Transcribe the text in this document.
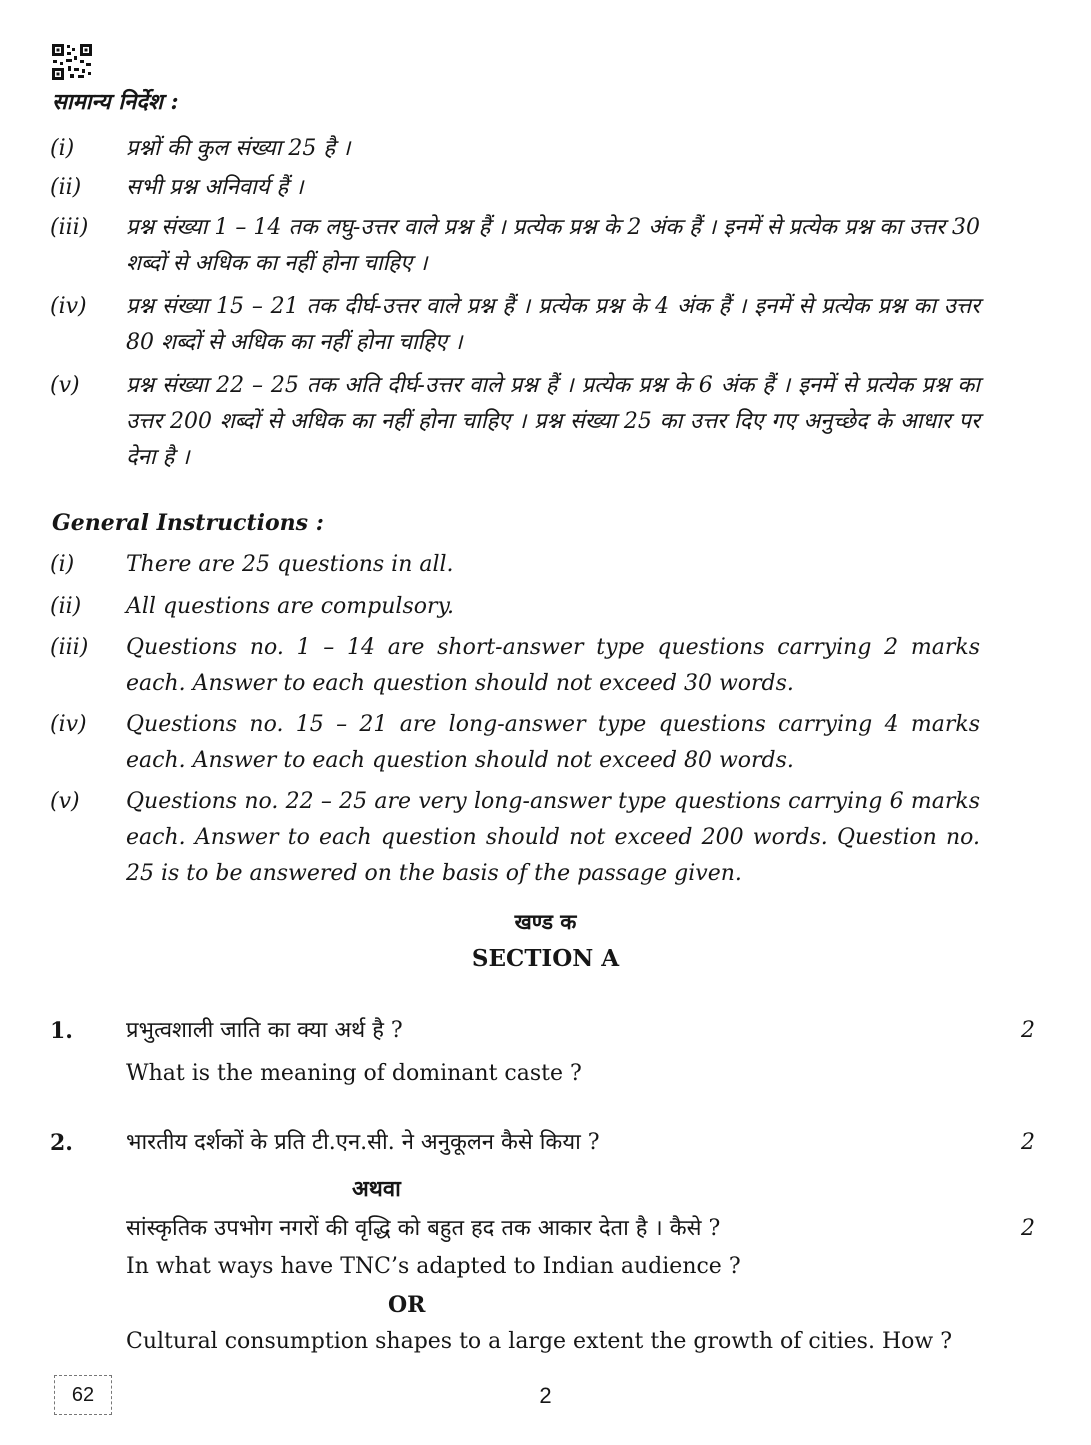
सामान्य निर्देश :
(i)	प्रश्नों की कुल संख्या 25 है ।
(ii)	सभी प्रश्न अनिवार्य हैं ।
(iii)	प्रश्न संख्या 1 – 14 तक लघु-उत्तर वाले प्रश्न हैं । प्रत्येक प्रश्न के 2 अंक हैं । इनमें से प्रत्येक प्रश्न का उत्तर 30 शब्दों से अधिक का नहीं होना चाहिए ।
(iv)	प्रश्न संख्या 15 – 21 तक दीर्घ-उत्तर वाले प्रश्न हैं । प्रत्येक प्रश्न के 4 अंक हैं । इनमें से प्रत्येक प्रश्न का उत्तर 80 शब्दों से अधिक का नहीं होना चाहिए ।
(v)	प्रश्न संख्या 22 – 25 तक अति दीर्घ-उत्तर वाले प्रश्न हैं । प्रत्येक प्रश्न के 6 अंक हैं । इनमें से प्रत्येक प्रश्न का उत्तर 200 शब्दों से अधिक का नहीं होना चाहिए । प्रश्न संख्या 25 का उत्तर दिए गए अनुच्छेद के आधार पर देना है ।
General Instructions :
(i)	There are 25 questions in all.
(ii)	All questions are compulsory.
(iii)	Questions no. 1 – 14 are short-answer type questions carrying 2 marks each. Answer to each question should not exceed 30 words.
(iv)	Questions no. 15 – 21 are long-answer type questions carrying 4 marks each. Answer to each question should not exceed 80 words.
(v)	Questions no. 22 – 25 are very long-answer type questions carrying 6 marks each. Answer to each question should not exceed 200 words. Question no. 25 is to be answered on the basis of the passage given.
खण्ड क
SECTION A
1. प्रभुत्वशाली जाति का क्या अर्थ है ?	2
What is the meaning of dominant caste ?
2. भारतीय दर्शकों के प्रति टी.एन.सी. ने अनुकूलन कैसे किया ?	2
अथवा
सांस्कृतिक उपभोग नगरों की वृद्धि को बहुत हद तक आकार देता है । कैसे ?	2
In what ways have TNC’s adapted to Indian audience ?
OR
Cultural consumption shapes to a large extent the growth of cities. How ?
62	2
